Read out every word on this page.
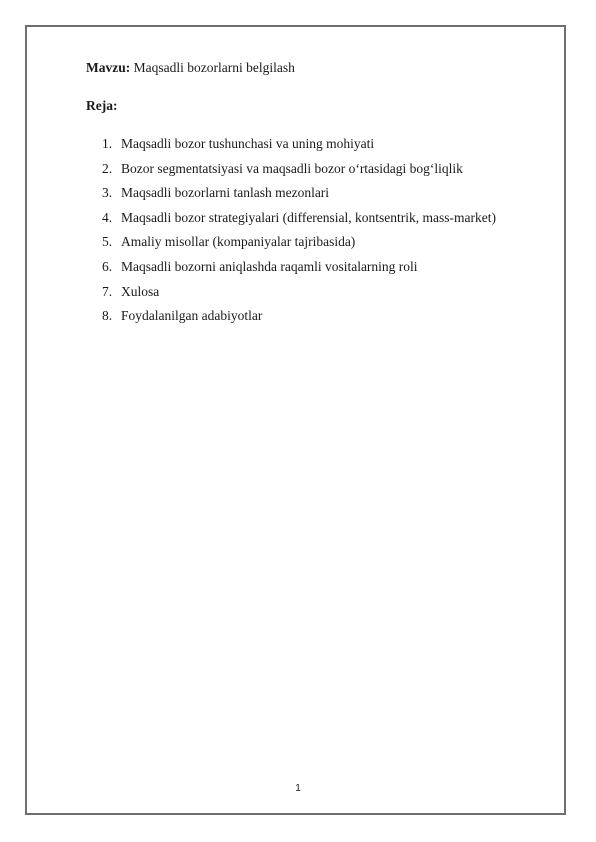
Mavzu: Maqsadli bozorlarni belgilash
Reja:
1. Maqsadli bozor tushunchasi va uning mohiyati
2. Bozor segmentatsiyasi va maqsadli bozor o‘rtasidagi bog‘liqlik
3. Maqsadli bozorlarni tanlash mezonlari
4. Maqsadli bozor strategiyalari (differensial, kontsentrik, mass-market)
5. Amaliy misollar (kompaniyalar tajribasida)
6. Maqsadli bozorni aniqlashda raqamli vositalarning roli
7. Xulosa
8. Foydalanilgan adabiyotlar
1
